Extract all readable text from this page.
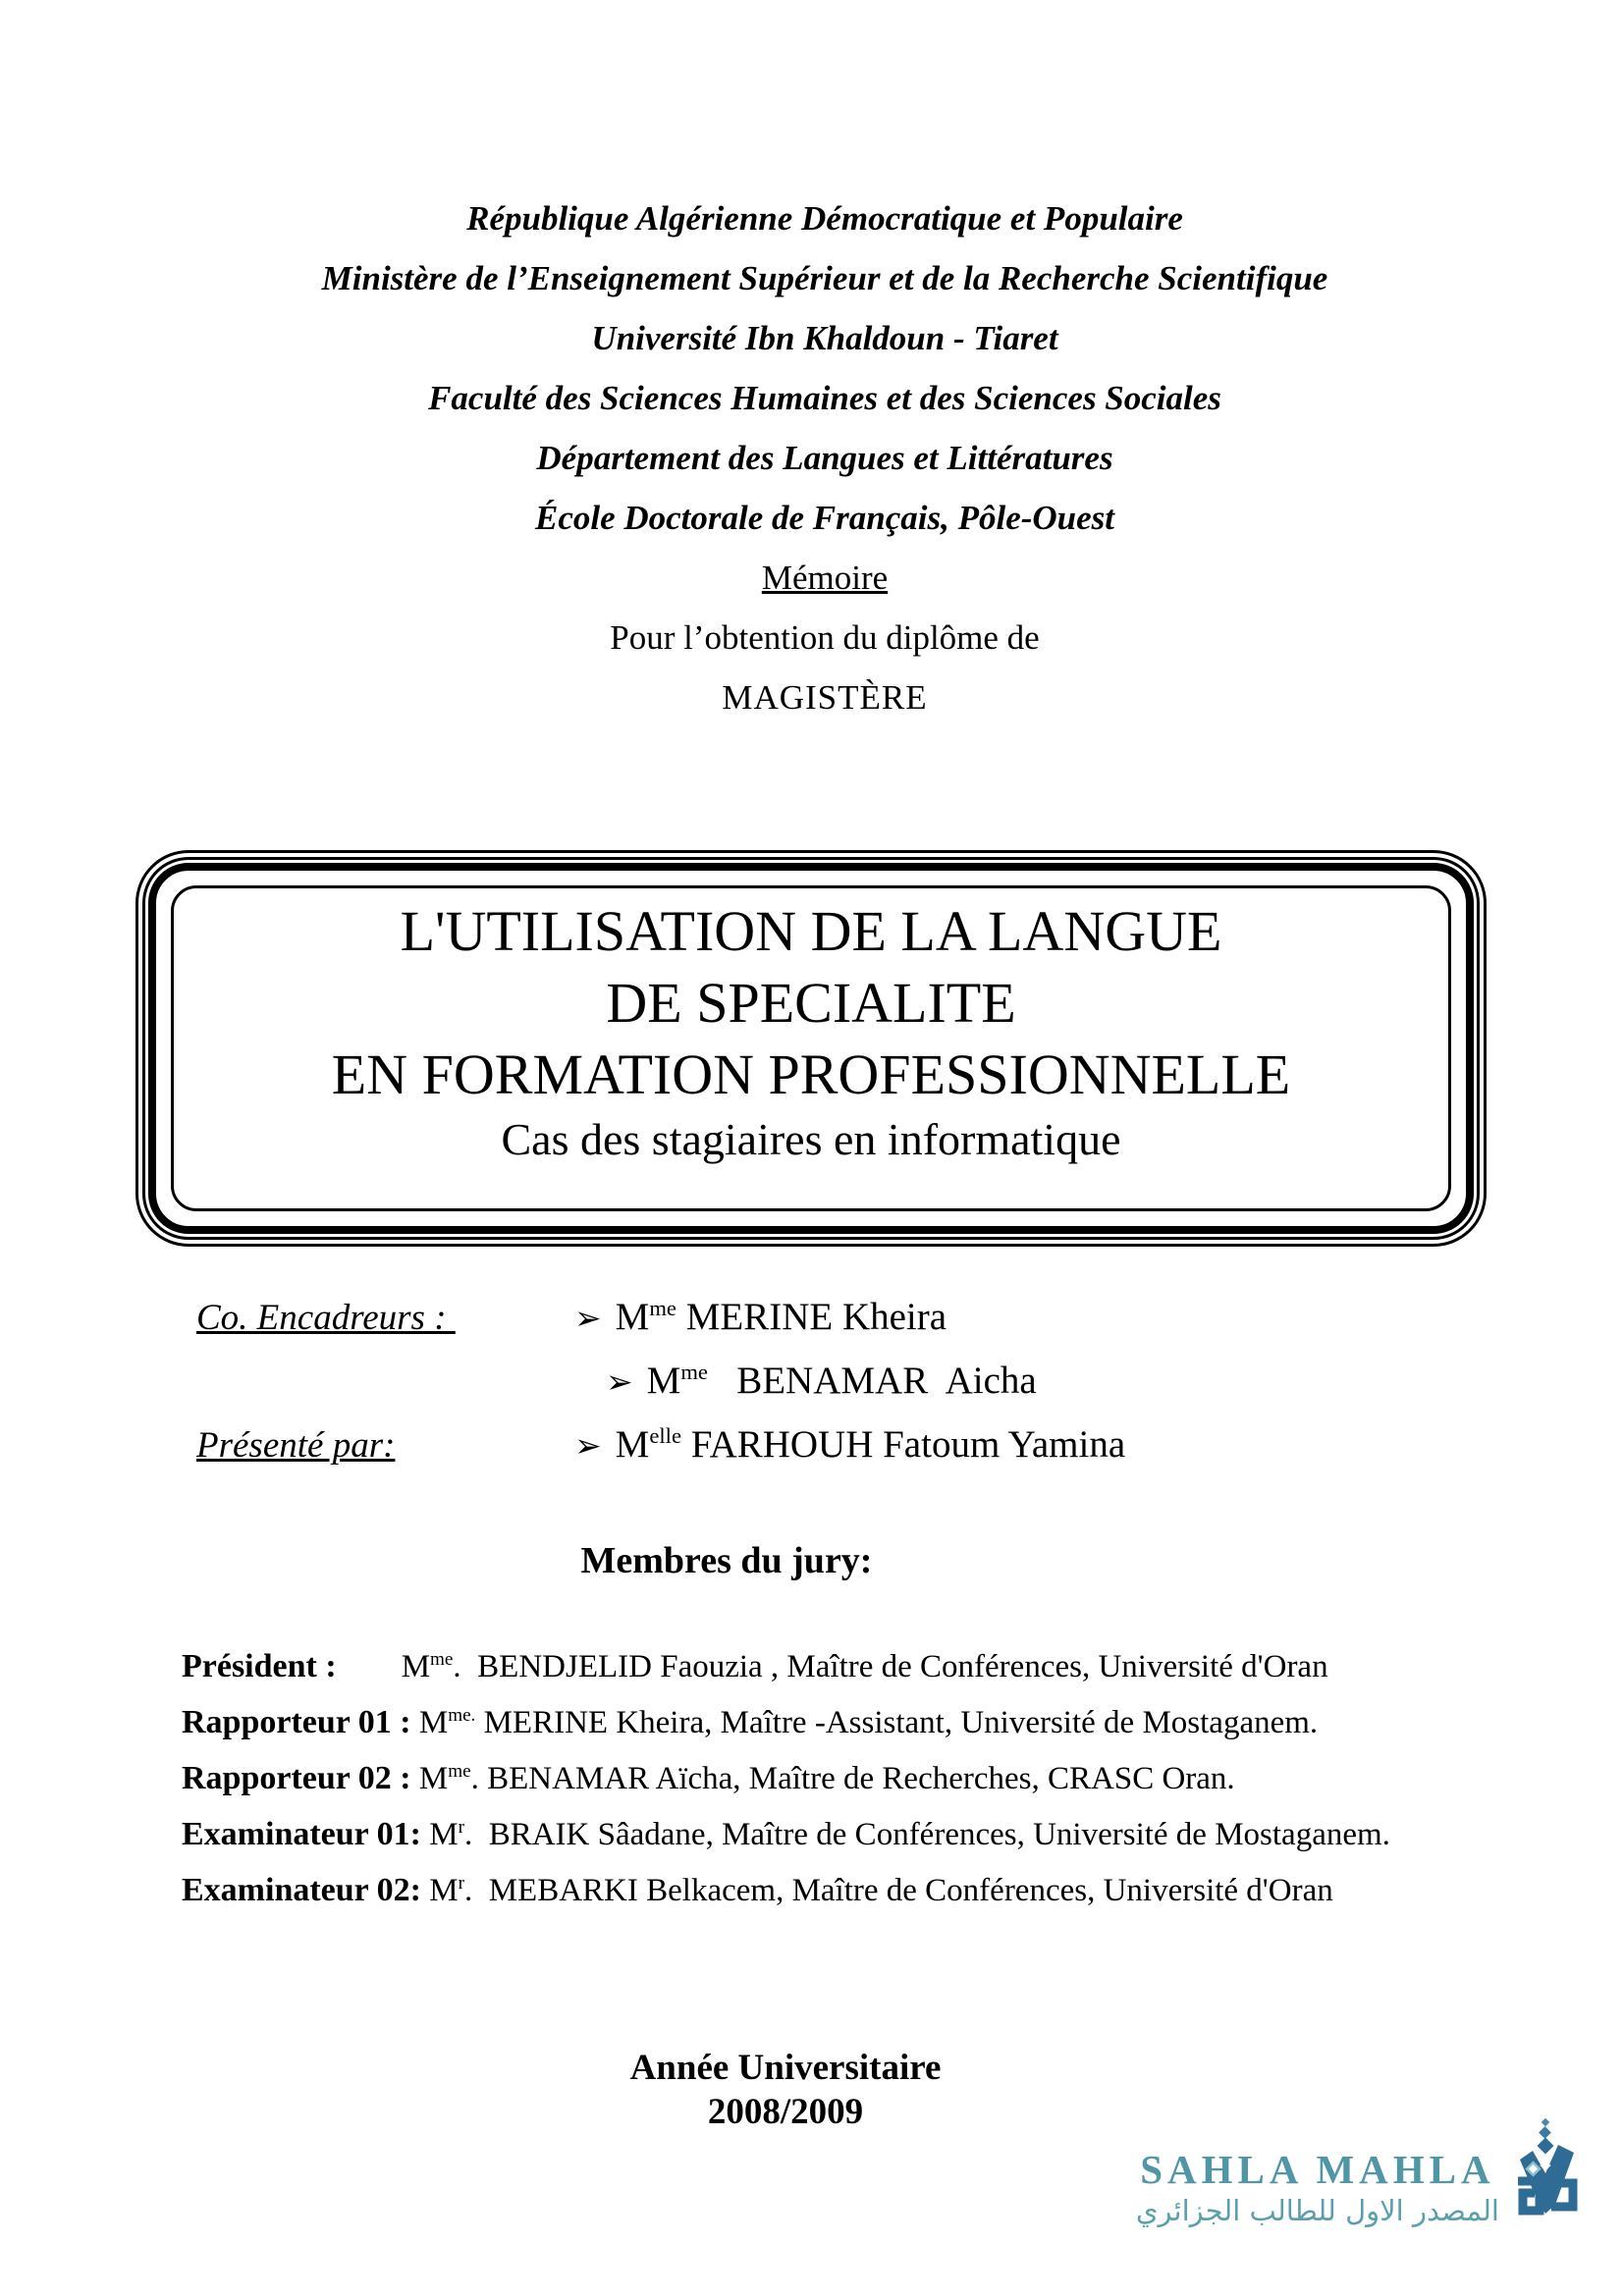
République Algérienne Démocratique et Populaire

Ministère de l’Enseignement Supérieur et de la Recherche Scientifique

Université Ibn Khaldoun - Tiaret

Faculté des Sciences Humaines et des Sciences Sociales

Département des Langues et Littératures

École Doctorale de Français, Pôle-Ouest

Mémoire

Pour l’obtention du diplôme de

MAGISTÈRE

L'UTILISATION DE LA LANGUE
DE SPECIALITE
EN FORMATION PROFESSIONNELLE
Cas des stagiaires en informatique
Co. Encadreurs :	➢ $M^{me}$ MERINE Kheira
➢ $M^{me}$   BENAMAR  Aicha
Présenté par:	➢ $M^{elle}$ FARHOUH Fatoum Yamina
Membres du jury:

Président : $M^{me}$.  BENDJELID Faouzia , Maître de Conférences, Université d'Oran

Rapporteur 01 : $M^{me.}$ MERINE Kheira, Maître -Assistant, Université de Mostaganem.

Rapporteur 02 : $M^{me}$. BENAMAR Aïcha, Maître de Recherches, CRASC Oran.

Examinateur 01: $M^r$.  BRAIK Sâadane, Maître de Conférences, Université de Mostaganem.

Examinateur 02: $M^r$.  MEBARKI Belkacem, Maître de Conférences, Université d'Oran

Année Universitaire

2008/2009

SAHLA MAHLA
المصدر الاول للطالب الجزائري
